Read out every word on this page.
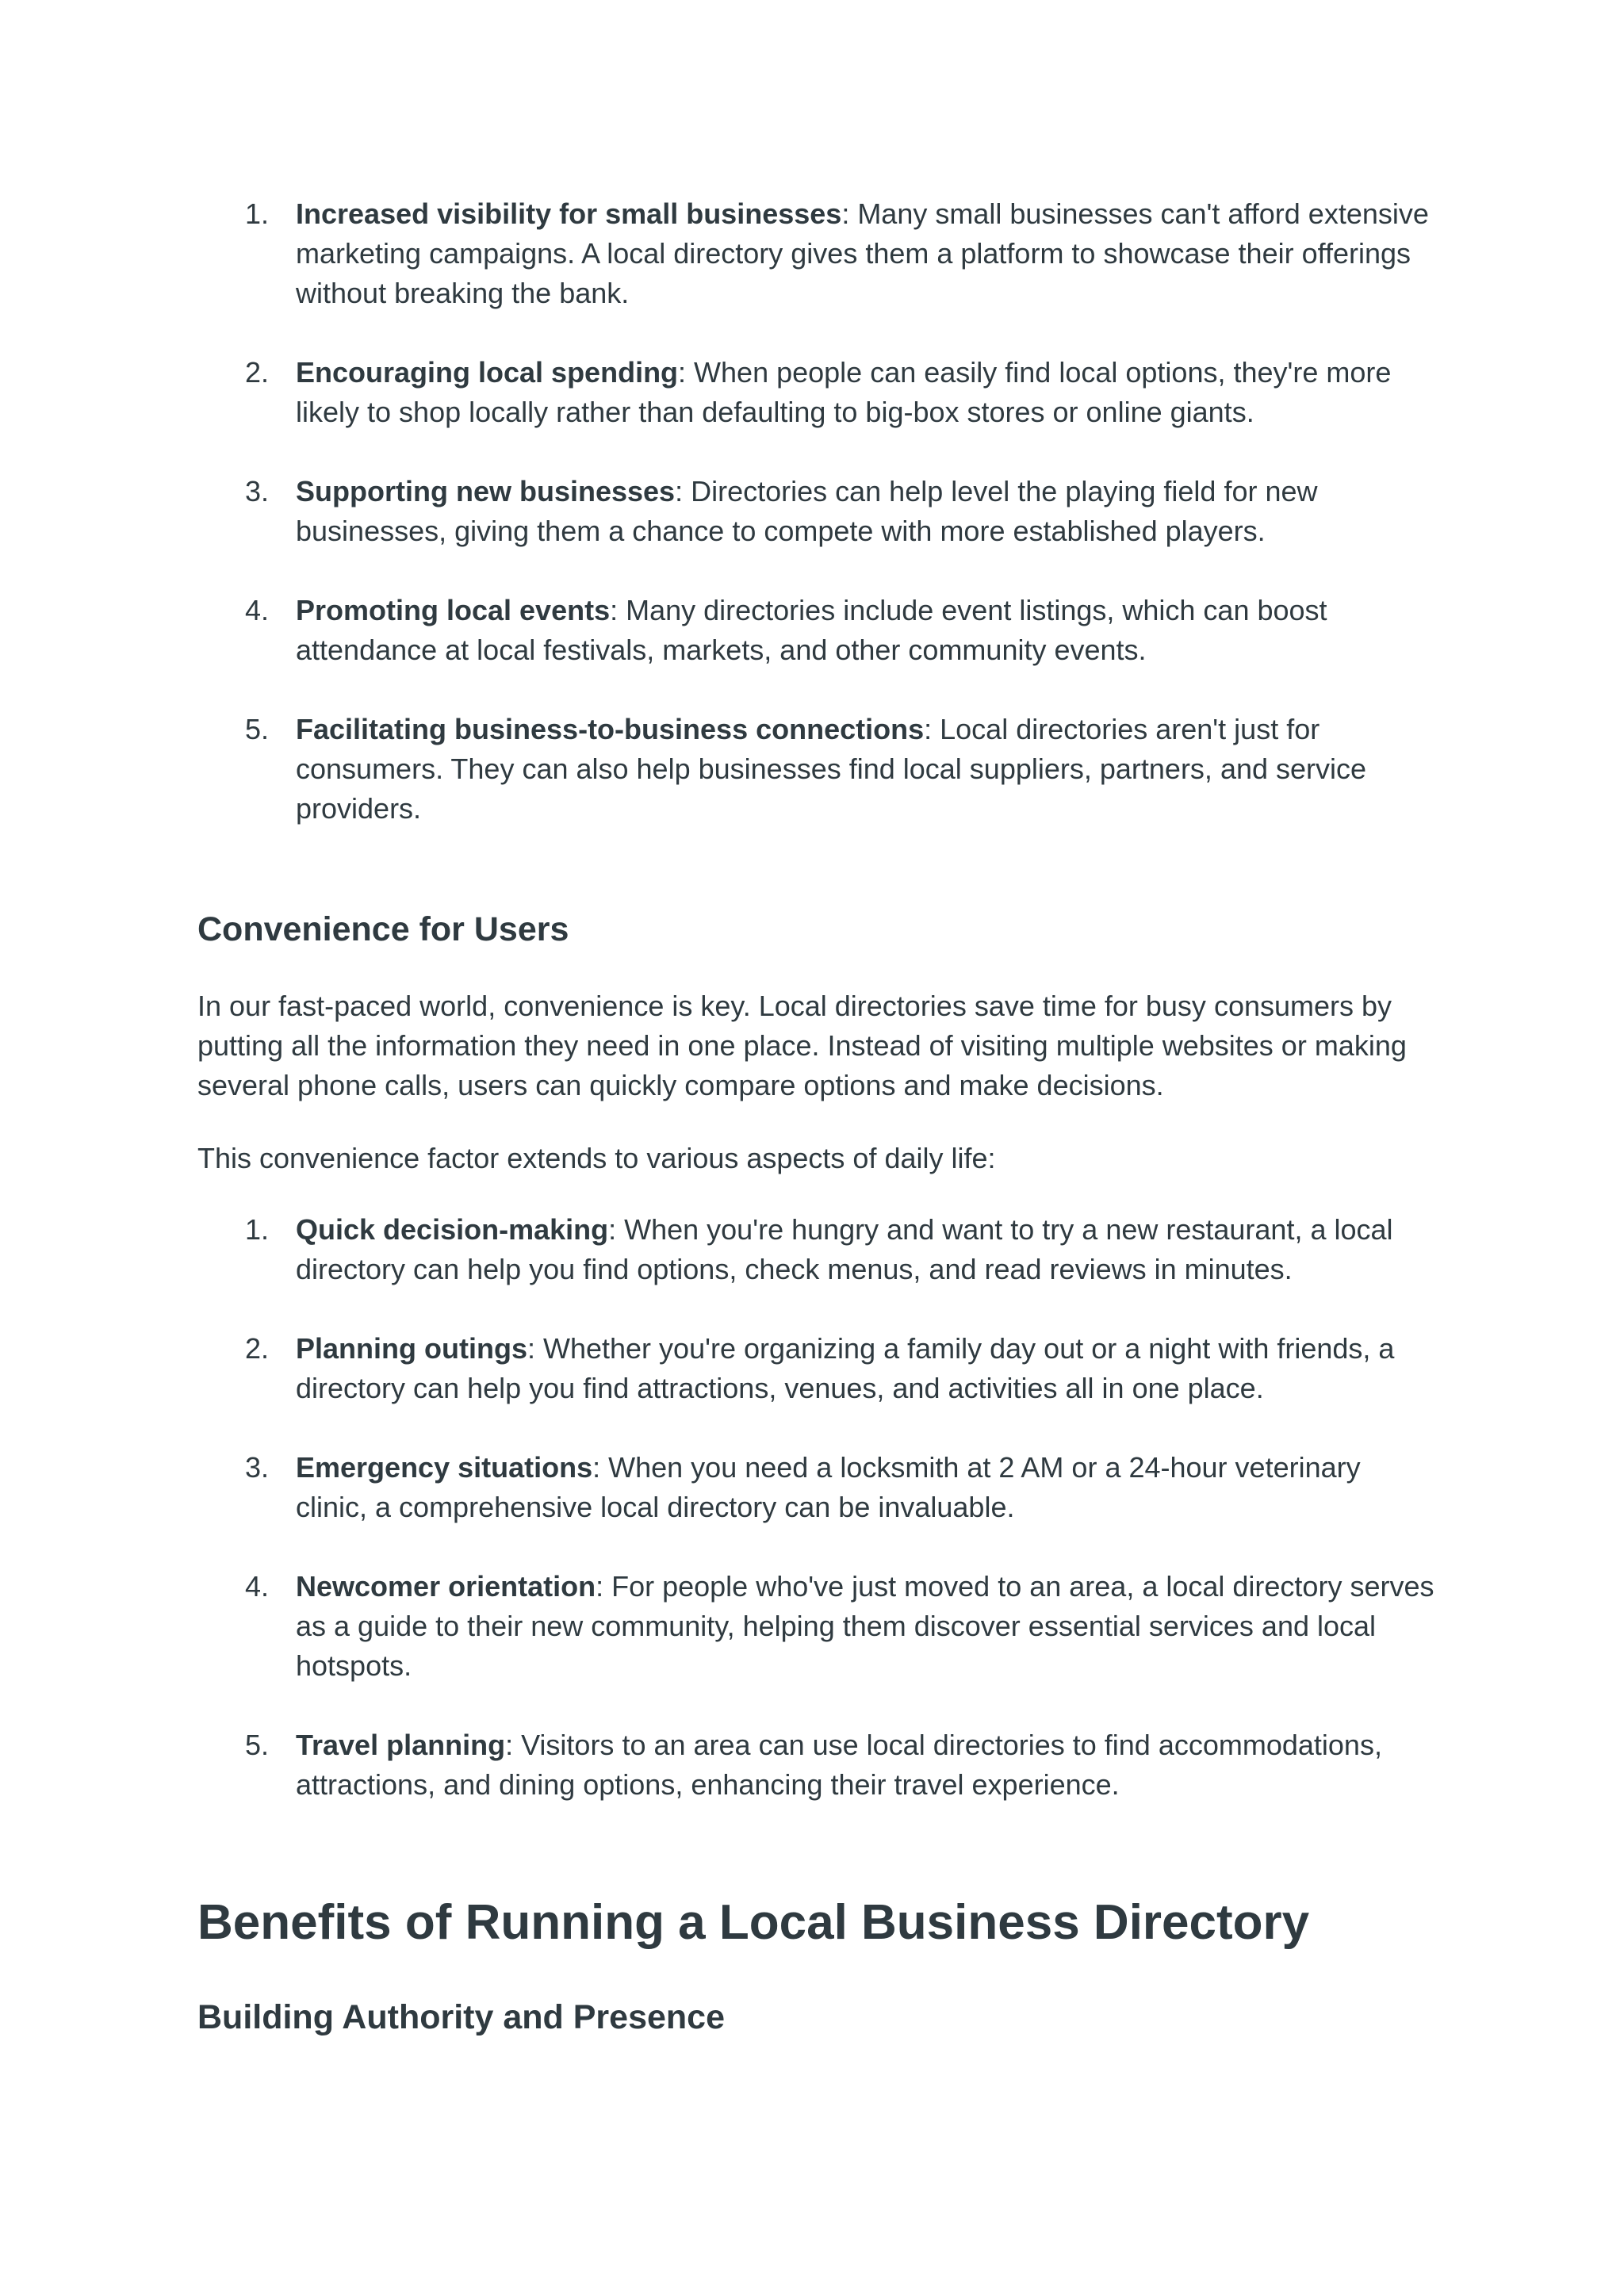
1. Increased visibility for small businesses: Many small businesses can't afford extensive marketing campaigns. A local directory gives them a platform to showcase their offerings without breaking the bank.
2. Encouraging local spending: When people can easily find local options, they're more likely to shop locally rather than defaulting to big-box stores or online giants.
3. Supporting new businesses: Directories can help level the playing field for new businesses, giving them a chance to compete with more established players.
4. Promoting local events: Many directories include event listings, which can boost attendance at local festivals, markets, and other community events.
5. Facilitating business-to-business connections: Local directories aren't just for consumers. They can also help businesses find local suppliers, partners, and service providers.
Convenience for Users

In our fast-paced world, convenience is key. Local directories save time for busy consumers by putting all the information they need in one place. Instead of visiting multiple websites or making several phone calls, users can quickly compare options and make decisions.

This convenience factor extends to various aspects of daily life:

1. Quick decision-making: When you're hungry and want to try a new restaurant, a local directory can help you find options, check menus, and read reviews in minutes.
2. Planning outings: Whether you're organizing a family day out or a night with friends, a directory can help you find attractions, venues, and activities all in one place.
3. Emergency situations: When you need a locksmith at 2 AM or a 24-hour veterinary clinic, a comprehensive local directory can be invaluable.
4. Newcomer orientation: For people who've just moved to an area, a local directory serves as a guide to their new community, helping them discover essential services and local hotspots.
5. Travel planning: Visitors to an area can use local directories to find accommodations, attractions, and dining options, enhancing their travel experience.
Benefits of Running a Local Business Directory
Building Authority and Presence
